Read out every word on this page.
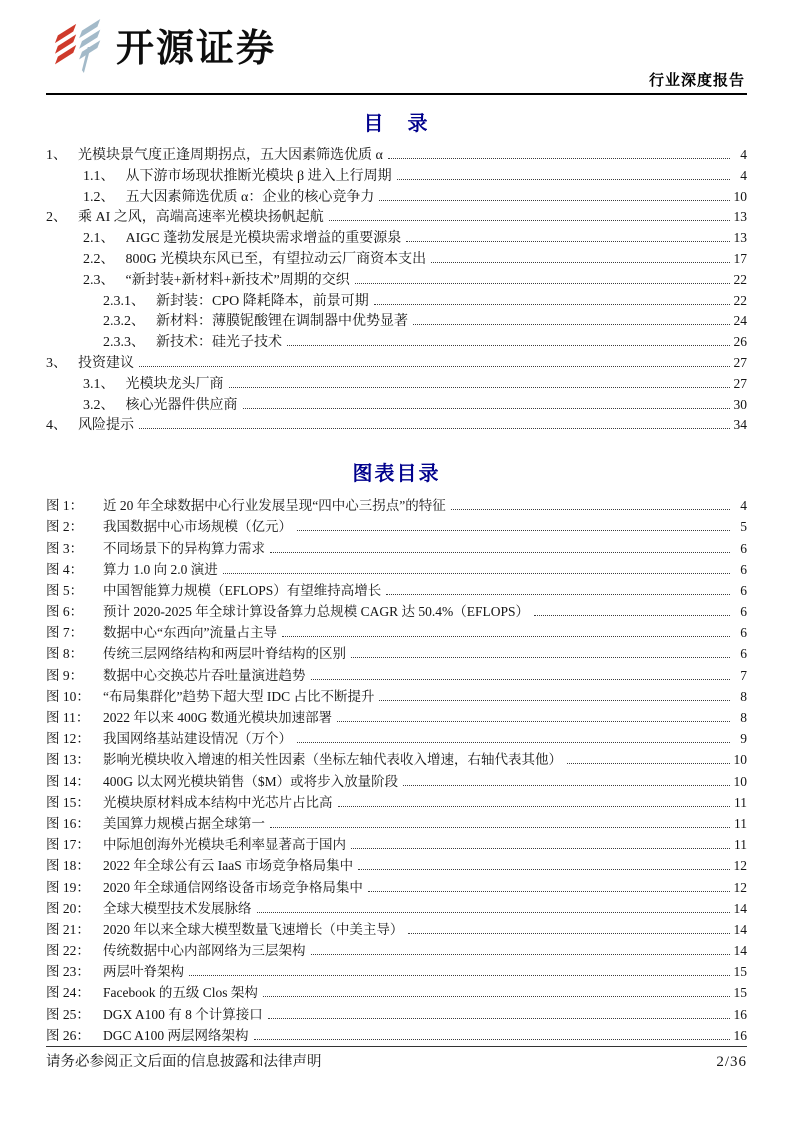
开源证券
行业深度报告
目　录
1、 光模块景气度正逢周期拐点，五大因素筛选优质 α	4
1.1、 从下游市场现状推断光模块 β 进入上行周期	4
1.2、 五大因素筛选优质 α：企业的核心竞争力	10
2、 乘 AI 之风，高端高速率光模块扬帆起航	13
2.1、 AIGC 蓬勃发展是光模块需求增益的重要源泉	13
2.2、 800G 光模块东风已至，有望拉动云厂商资本支出	17
2.3、 “新封装+新材料+新技术”周期的交织	22
2.3.1、 新封装：CPO 降耗降本，前景可期	22
2.3.2、 新材料：薄膜铌酸锂在调制器中优势显著	24
2.3.3、 新技术：硅光子技术	26
3、 投资建议	27
3.1、 光模块龙头厂商	27
3.2、 核心光器件供应商	30
4、 风险提示	34
图表目录
图 1：	近 20 年全球数据中心行业发展呈现“四中心三拐点”的特征	4
图 2：	我国数据中心市场规模（亿元）	5
图 3：	不同场景下的异构算力需求	6
图 4：	算力 1.0 向 2.0 演进	6
图 5：	中国智能算力规模（EFLOPS）有望维持高增长	6
图 6：	预计 2020-2025 年全球计算设备算力总规模 CAGR 达 50.4%（EFLOPS）	6
图 7：	数据中心“东西向”流量占主导	6
图 8：	传统三层网络结构和两层叶脊结构的区别	6
图 9：	数据中心交换芯片吞吐量演进趋势	7
图 10： “布局集群化”趋势下超大型 IDC 占比不断提升	8
图 11：	2022 年以来 400G 数通光模块加速部署	8
图 12： 我国网络基站建设情况（万个）	9
图 13： 影响光模块收入增速的相关性因素（坐标左轴代表收入增速，右轴代表其他）	10
图 14： 400G 以太网光模块销售（$M）或将步入放量阶段	10
图 15： 光模块原材料成本结构中光芯片占比高	11
图 16： 美国算力规模占据全球第一	11
图 17： 中际旭创海外光模块毛利率显著高于国内	11
图 18： 2022 年全球公有云 IaaS 市场竞争格局集中	12
图 19： 2020 年全球通信网络设备市场竞争格局集中	12
图 20： 全球大模型技术发展脉络	14
图 21： 2020 年以来全球大模型数量飞速增长（中美主导）	14
图 22： 传统数据中心内部网络为三层架构	14
图 23： 两层叶脊架构	15
图 24： Facebook 的五级 Clos 架构	15
图 25： DGX A100 有 8 个计算接口	16
图 26： DGC A100 两层网络架构	16
请务必参阅正文后面的信息披露和法律声明	2/36
